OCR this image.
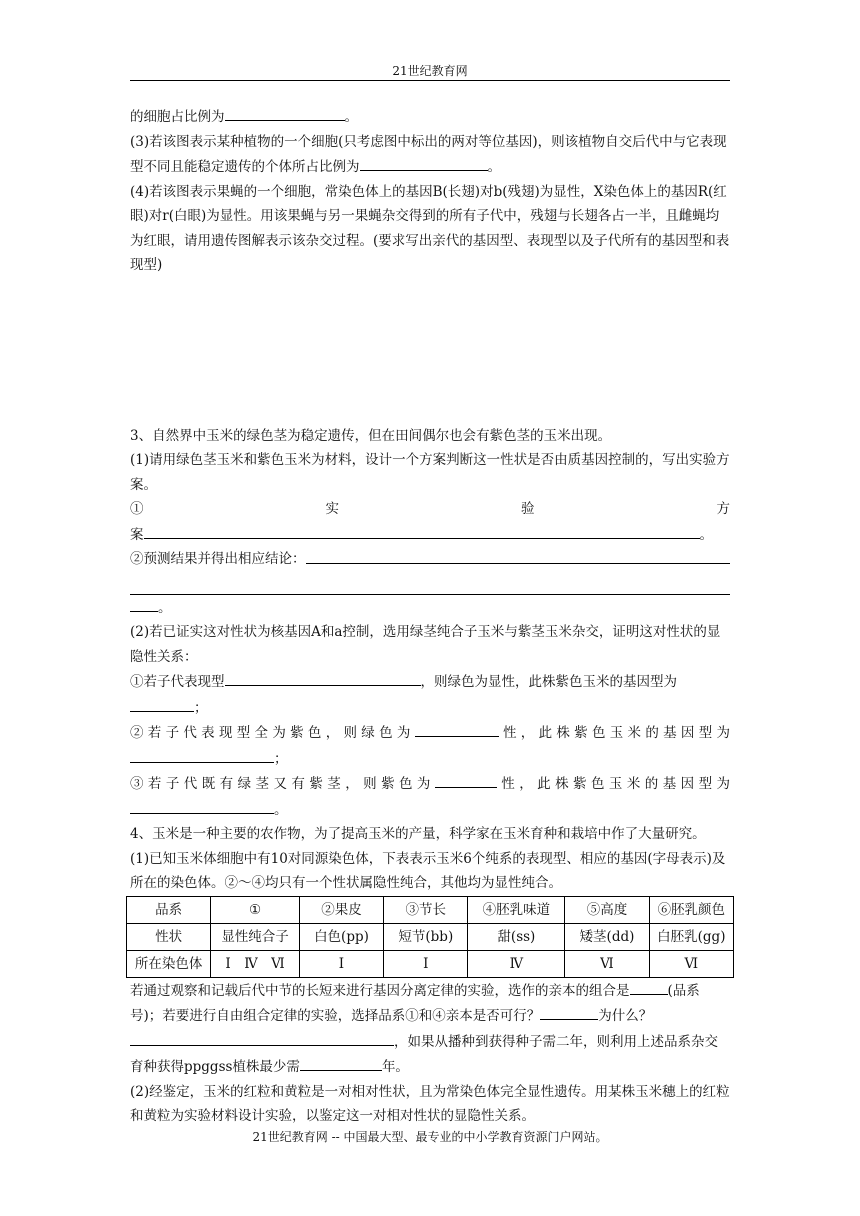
21世纪教育网

的细胞占比例为	。

(3)若该图表示某种植物的一个细胞(只考虑图中标出的两对等位基因)，则该植物自交后代中与它表现型不同且能稳定遗传的个体所占比例为	。

(4)若该图表示果蝇的一个细胞，常染色体上的基因B(长翅)对b(残翅)为显性，X染色体上的基因R(红眼)对r(白眼)为显性。用该果蝇与另一果蝇杂交得到的所有子代中，残翅与长翅各占一半，且雌蝇均为红眼，请用遗传图解表示该杂交过程。(要求写出亲代的基因型、表现型以及子代所有的基因型和表现型)

3、自然界中玉米的绿色茎为稳定遗传，但在田间偶尔也会有紫色茎的玉米出现。

(1)请用绿色茎玉米和紫色玉米为材料，设计一个方案判断这一性状是否由质基因控制的，写出实验方案。

①	实	验	方

案	。

②预测结果并得出相应结论：

。

(2)若已证实这对性状为核基因A和a控制，选用绿茎纯合子玉米与紫茎玉米杂交，证明这对性状的显隐性关系：

①若子代表现型	，则绿色为显性，此株紫色玉米的基因型为；

②若子代表现型全为紫色，则绿色为	性，此株紫色玉米的基因型为；

③若子代既有绿茎又有紫茎，则紫色为	性，此株紫色玉米的基因型为。

4、玉米是一种主要的农作物，为了提高玉米的产量，科学家在玉米育种和栽培中作了大量研究。

(1)已知玉米体细胞中有10对同源染色体，下表表示玉米6个纯系的表现型、相应的基因(字母表示)及所在的染色体。②～④均只有一个性状属隐性纯合，其他均为显性纯合。

品系	①	②果皮	③节长	④胚乳味道	⑤高度	⑥胚乳颜色
性状	显性纯合子	白色(pp)	短节(bb)	甜(ss)	矮茎(dd)	白胚乳(gg)
所在染色体	Ⅰ　Ⅳ　Ⅵ	Ⅰ	Ⅰ	Ⅳ	Ⅵ	Ⅵ

若通过观察和记载后代中节的长短来进行基因分离定律的实验，选作的亲本的组合是	(品系号)；若要进行自由组合定律的实验，选择品系①和④亲本是否可行？	为什么？，如果从播种到获得种子需二年，则利用上述品系杂交育种获得ppggss植株最少需	年。

(2)经鉴定，玉米的红粒和黄粒是一对相对性状，且为常染色体完全显性遗传。用某株玉米穗上的红粒和黄粒为实验材料设计实验，以鉴定这一对相对性状的显隐性关系。

21世纪教育网 -- 中国最大型、最专业的中小学教育资源门户网站。
